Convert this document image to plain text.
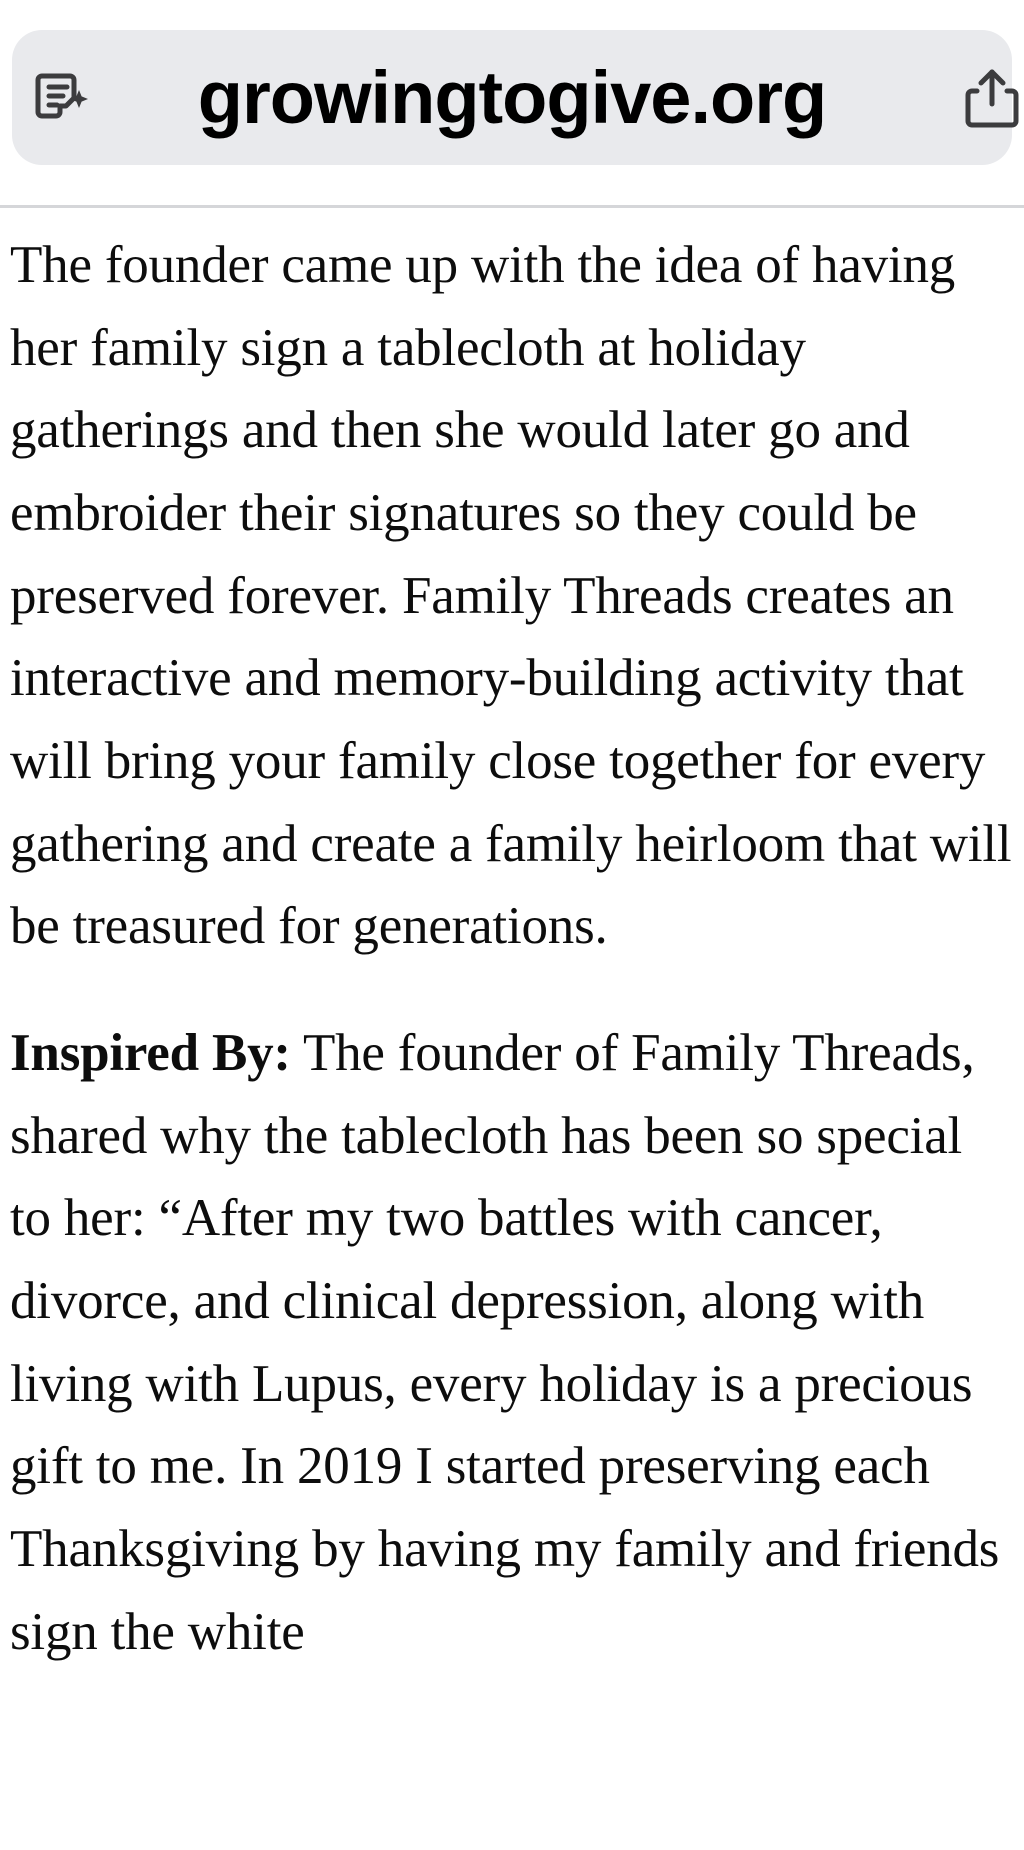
growingtogive.org

The founder came up with the idea of having her family sign a tablecloth at holiday gatherings and then she would later go and embroider their signatures so they could be preserved forever. Family Threads creates an interactive and memory-building activity that will bring your family close together for every gathering and create a family heirloom that will be treasured for generations.

Inspired By: The founder of Family Threads, shared why the tablecloth has been so special to her: “After my two battles with cancer, divorce, and clinical depression, along with living with Lupus, every holiday is a precious gift to me. In 2019 I started preserving each Thanksgiving by having my family and friends sign the white
